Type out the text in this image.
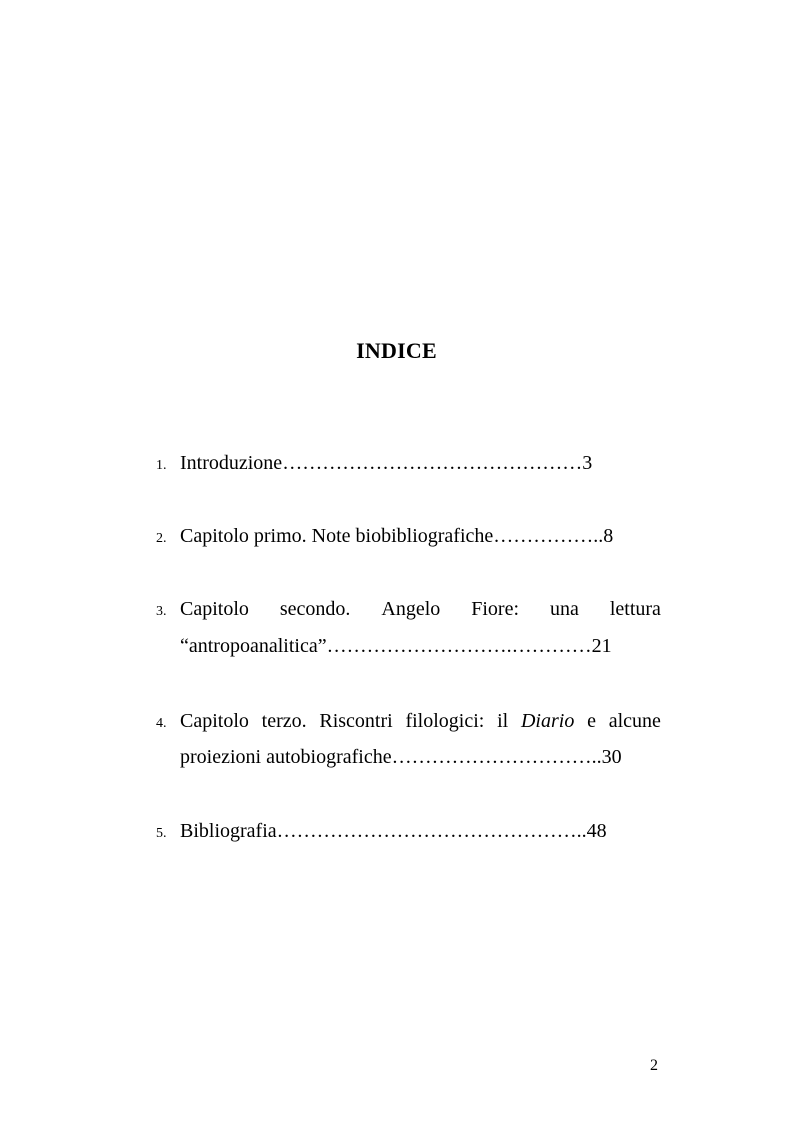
INDICE
1. Introduzione………………………………………3
2. Capitolo primo. Note biobibliografiche……………..8
3. Capitolo secondo. Angelo Fiore: una lettura
“antropoanalitica”……………………….…………21
4. Capitolo terzo. Riscontri filologici: il Diario e alcune
proiezioni autobiografiche…………………………..30
5. Bibliografia………………………………………..48
2
